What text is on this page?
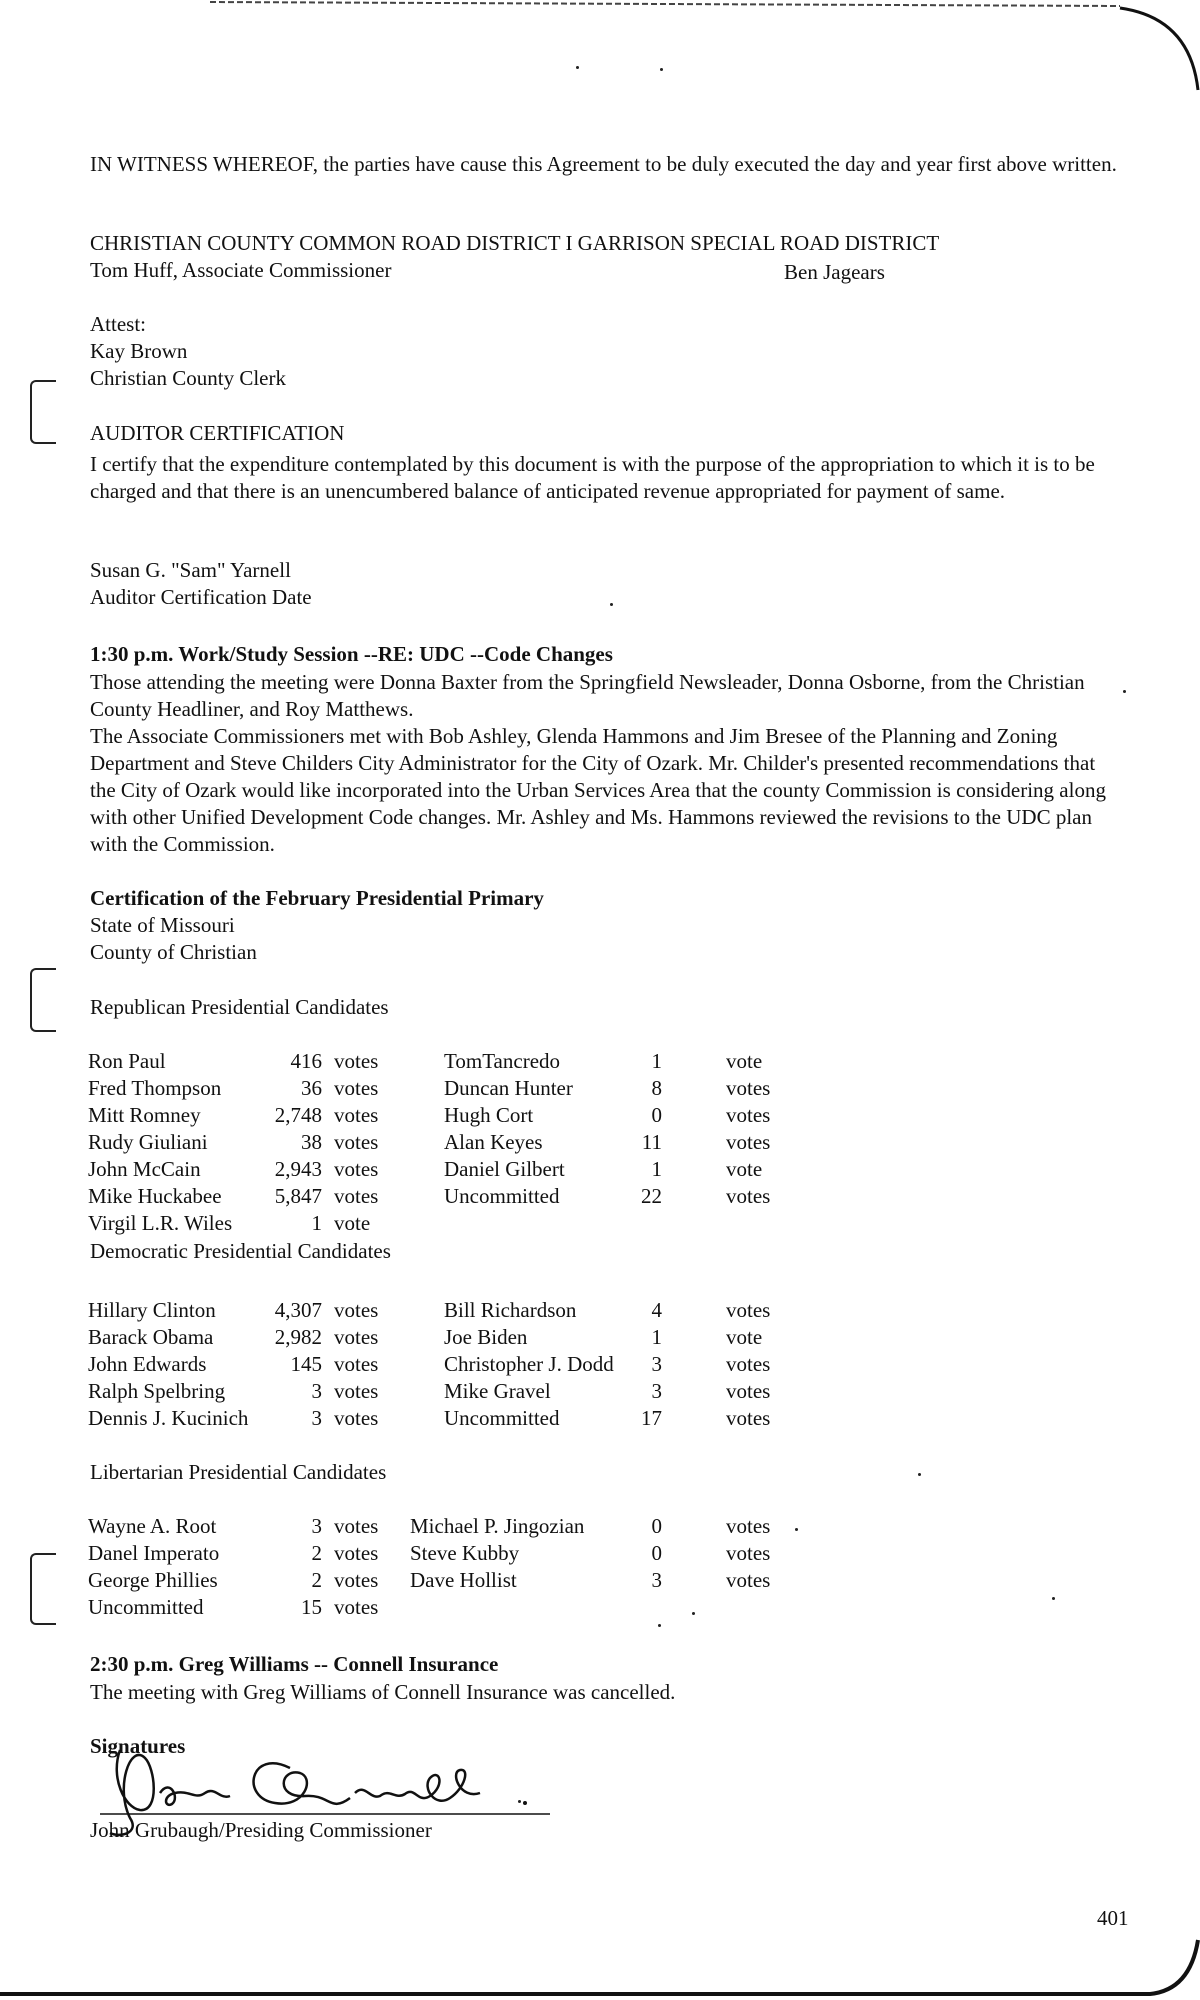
IN WITNESS WHEREOF, the parties have cause this Agreement to be duly executed the day and year first above written.
CHRISTIAN COUNTY COMMON ROAD DISTRICT I GARRISON SPECIAL ROAD DISTRICT
Tom Huff, Associate Commissioner	Ben Jagears
Attest:
Kay Brown
Christian County Clerk
AUDITOR CERTIFICATION
I certify that the expenditure contemplated by this document is with the purpose of the appropriation to which it is to be charged and that there is an unencumbered balance of anticipated revenue appropriated for payment of same.
Susan G. "Sam" Yarnell
Auditor Certification Date
1:30 p.m. Work/Study Session --RE: UDC --Code Changes
Those attending the meeting were Donna Baxter from the Springfield Newsleader, Donna Osborne, from the Christian County Headliner, and Roy Matthews.
The Associate Commissioners met with Bob Ashley, Glenda Hammons and Jim Bresee of the Planning and Zoning Department and Steve Childers City Administrator for the City of Ozark. Mr. Childer's presented recommendations that the City of Ozark would like incorporated into the Urban Services Area that the county Commission is considering along with other Unified Development Code changes. Mr. Ashley and Ms. Hammons reviewed the revisions to the UDC plan with the Commission.
Certification of the February Presidential Primary
State of Missouri
County of Christian
Republican Presidential Candidates
Ron Paul	416 votes	TomTancredo	1	vote
Fred Thompson	36 votes	Duncan Hunter	8	votes
Mitt Romney	2,748 votes	Hugh Cort	0	votes
Rudy Giuliani	38 votes	Alan Keyes	11	votes
John McCain	2,943 votes	Daniel Gilbert	1	vote
Mike Huckabee	5,847 votes	Uncommitted	22	votes
Virgil L.R. Wiles	1 vote
Democratic Presidential Candidates
Hillary Clinton	4,307 votes	Bill Richardson	4	votes
Barack Obama	2,982 votes	Joe Biden	1	vote
John Edwards	145 votes	Christopher J. Dodd	3	votes
Ralph Spelbring	3 votes	Mike Gravel	3	votes
Dennis J. Kucinich	3 votes	Uncommitted	17	votes
Libertarian Presidential Candidates
Wayne A. Root	3 votes Michael P. Jingozian	0	votes
Danel Imperato	2 votes Steve Kubby	0	votes
George Phillies	2 votes Dave Hollist	3	votes
Uncommitted	15 votes
2:30 p.m. Greg Williams -- Connell Insurance
The meeting with Greg Williams of Connell Insurance was cancelled.
Signatures
John Grubaugh/Presiding Commissioner
401
